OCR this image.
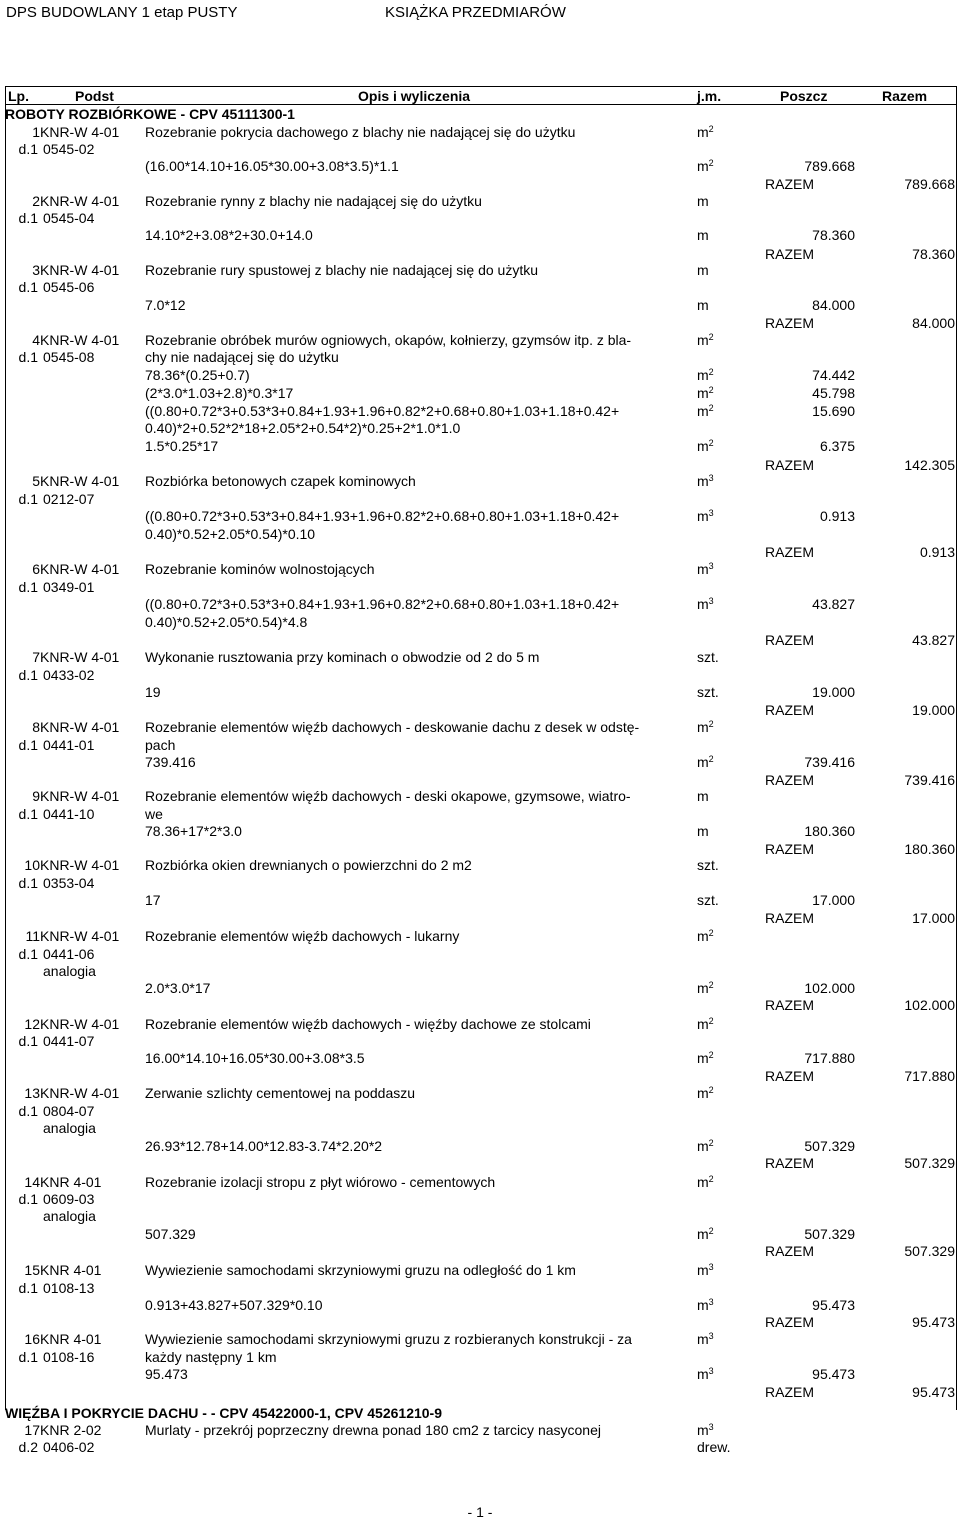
DPS BUDOWLANY 1 etap PUSTY	KSIĄŻKA PRZEDMIARÓW
Lp.	Podst	Opis i wyliczenia	j.m.	Poszcz	Razem
ROBOTY ROZBIÓRKOWE - CPV 45111300-1
1 KNR-W 4-01 Rozebranie pokrycia dachowego z blachy nie nadającej się do użytku	$m^2$
d.1 0545-02
(16.00*14.10+16.05*30.00+3.08*3.5)*1.1	$m^2$	789.668
RAZEM	789.668
2 KNR-W 4-01 Rozebranie rynny z blachy nie nadającej się do użytku	m
d.1 0545-04
14.10*2+3.08*2+30.0+14.0	m	78.360
RAZEM	78.360
3 KNR-W 4-01 Rozebranie rury spustowej z blachy nie nadającej się do użytku	m
d.1 0545-06
7.0*12	m	84.000
RAZEM	84.000
4 KNR-W 4-01 Rozebranie obróbek murów ogniowych, okapów, kołnierzy, gzymsów itp. z bla-	$m^2$
d.1 0545-08	chy nie nadającej się do użytku
78.36*(0.25+0.7)	$m^2$	74.442
(2*3.0*1.03+2.8)*0.3*17	$m^2$	45.798
((0.80+0.72*3+0.53*3+0.84+1.93+1.96+0.82*2+0.68+0.80+1.03+1.18+0.42+	$m^2$	15.690
0.40)*2+0.52*2*18+2.05*2+0.54*2)*0.25+2*1.0*1.0
1.5*0.25*17	$m^2$	6.375
RAZEM	142.305
5 KNR-W 4-01 Rozbiórka betonowych czapek kominowych	$m^3$
d.1 0212-07
((0.80+0.72*3+0.53*3+0.84+1.93+1.96+0.82*2+0.68+0.80+1.03+1.18+0.42+	$m^3$	0.913
0.40)*0.52+2.05*0.54)*0.10
RAZEM	0.913
6 KNR-W 4-01 Rozebranie kominów wolnostojących	$m^3$
d.1 0349-01
((0.80+0.72*3+0.53*3+0.84+1.93+1.96+0.82*2+0.68+0.80+1.03+1.18+0.42+	$m^3$	43.827
0.40)*0.52+2.05*0.54)*4.8
RAZEM	43.827
7 KNR-W 4-01 Wykonanie rusztowania przy kominach o obwodzie od 2 do 5 m	szt.
d.1 0433-02
19	szt.	19.000
RAZEM	19.000
8 KNR-W 4-01 Rozebranie elementów więźb dachowych - deskowanie dachu z desek w odstę-	$m^2$
d.1 0441-01	pach
739.416	$m^2$	739.416
RAZEM	739.416
9 KNR-W 4-01 Rozebranie elementów więźb dachowych - deski okapowe, gzymsowe, wiatro-	m
d.1 0441-10	we
78.36+17*2*3.0	m	180.360
RAZEM	180.360
10 KNR-W 4-01 Rozbiórka okien drewnianych o powierzchni do 2 m2	szt.
d.1 0353-04
17	szt.	17.000
RAZEM	17.000
11 KNR-W 4-01 Rozebranie elementów więźb dachowych - lukarny	$m^2$
d.1 0441-06
analogia
2.0*3.0*17	$m^2$	102.000
RAZEM	102.000
12 KNR-W 4-01 Rozebranie elementów więźb dachowych - więźby dachowe ze stolcami	$m^2$
d.1 0441-07
16.00*14.10+16.05*30.00+3.08*3.5	$m^2$	717.880
RAZEM	717.880
13 KNR-W 4-01 Zerwanie szlichty cementowej na poddaszu	$m^2$
d.1 0804-07
analogia
26.93*12.78+14.00*12.83-3.74*2.20*2	$m^2$	507.329
RAZEM	507.329
14 KNR 4-01	Rozebranie izolacji stropu z płyt wiórowo - cementowych	$m^2$
d.1 0609-03
analogia
507.329	$m^2$	507.329
RAZEM	507.329
15 KNR 4-01	Wywiezienie samochodami skrzyniowymi gruzu na odległość do 1 km	$m^3$
d.1 0108-13
0.913+43.827+507.329*0.10	$m^3$	95.473
RAZEM	95.473
16 KNR 4-01	Wywiezienie samochodami skrzyniowymi gruzu z rozbieranych konstrukcji - za	$m^3$
d.1 0108-16	każdy następny 1 km
95.473	$m^3$	95.473
RAZEM	95.473
17 KNR 2-02	Murlaty - przekrój poprzeczny drewna ponad 180 cm2 z tarcicy nasyconej	$m^3$
d.2 0406-02	drew.
WIĘŹBA I POKRYCIE DACHU - - CPV 45422000-1, CPV 45261210-9
- 1 -
